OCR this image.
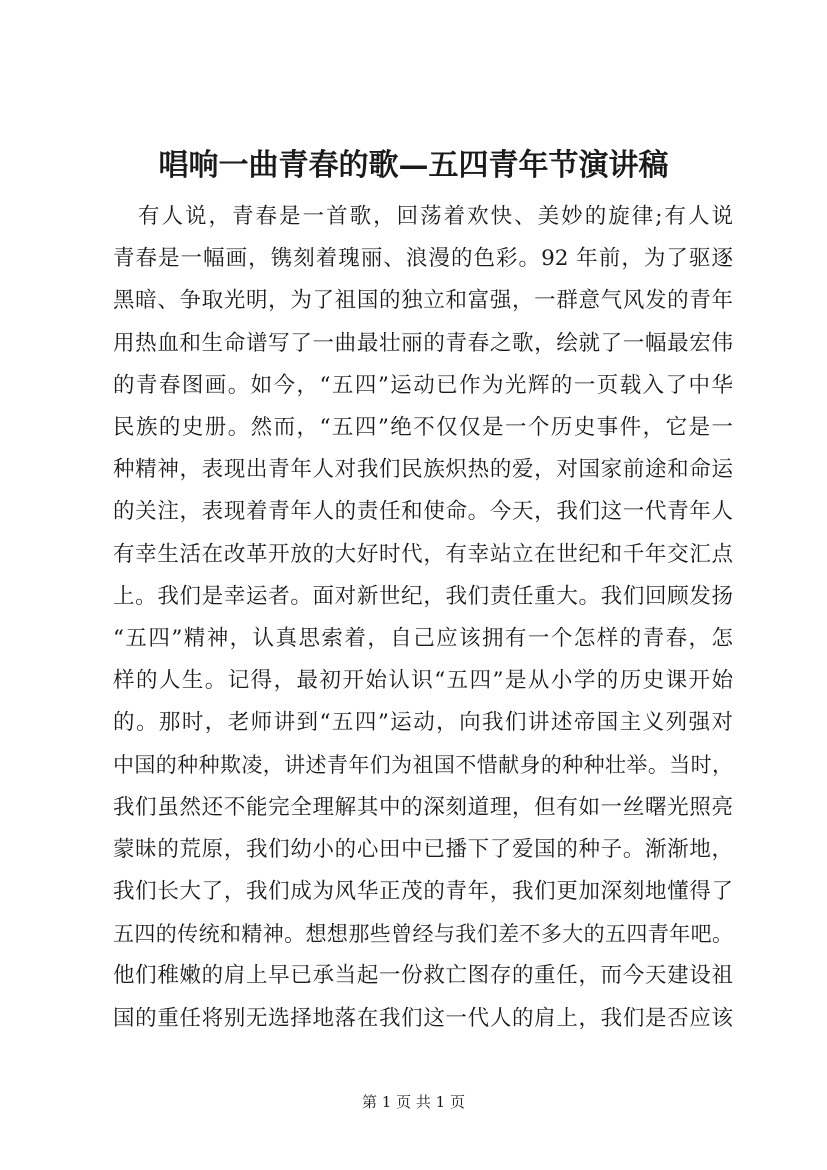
唱响一曲青春的歌—五四青年节演讲稿
有人说，青春是一首歌，回荡着欢快、美妙的旋律;有人说
青春是一幅画，镌刻着瑰丽、浪漫的色彩。92 年前，为了驱逐
黑暗、争取光明，为了祖国的独立和富强，一群意气风发的青年
用热血和生命谱写了一曲最壮丽的青春之歌，绘就了一幅最宏伟
的青春图画。如今，“五四”运动已作为光辉的一页载入了中华
民族的史册。然而，“五四”绝不仅仅是一个历史事件，它是一
种精神，表现出青年人对我们民族炽热的爱，对国家前途和命运
的关注，表现着青年人的责任和使命。今天，我们这一代青年人
有幸生活在改革开放的大好时代，有幸站立在世纪和千年交汇点
上。我们是幸运者。面对新世纪，我们责任重大。我们回顾发扬
“五四”精神，认真思索着，自己应该拥有一个怎样的青春，怎
样的人生。记得，最初开始认识“五四”是从小学的历史课开始
的。那时，老师讲到“五四”运动，向我们讲述帝国主义列强对
中国的种种欺凌，讲述青年们为祖国不惜献身的种种壮举。当时，
我们虽然还不能完全理解其中的深刻道理，但有如一丝曙光照亮
蒙昧的荒原，我们幼小的心田中已播下了爱国的种子。渐渐地，
我们长大了，我们成为风华正茂的青年，我们更加深刻地懂得了
五四的传统和精神。想想那些曾经与我们差不多大的五四青年吧。
他们稚嫩的肩上早已承当起一份救亡图存的重任，而今天建设祖
国的重任将别无选择地落在我们这一代人的肩上，我们是否应该
第 1 页 共 1 页
